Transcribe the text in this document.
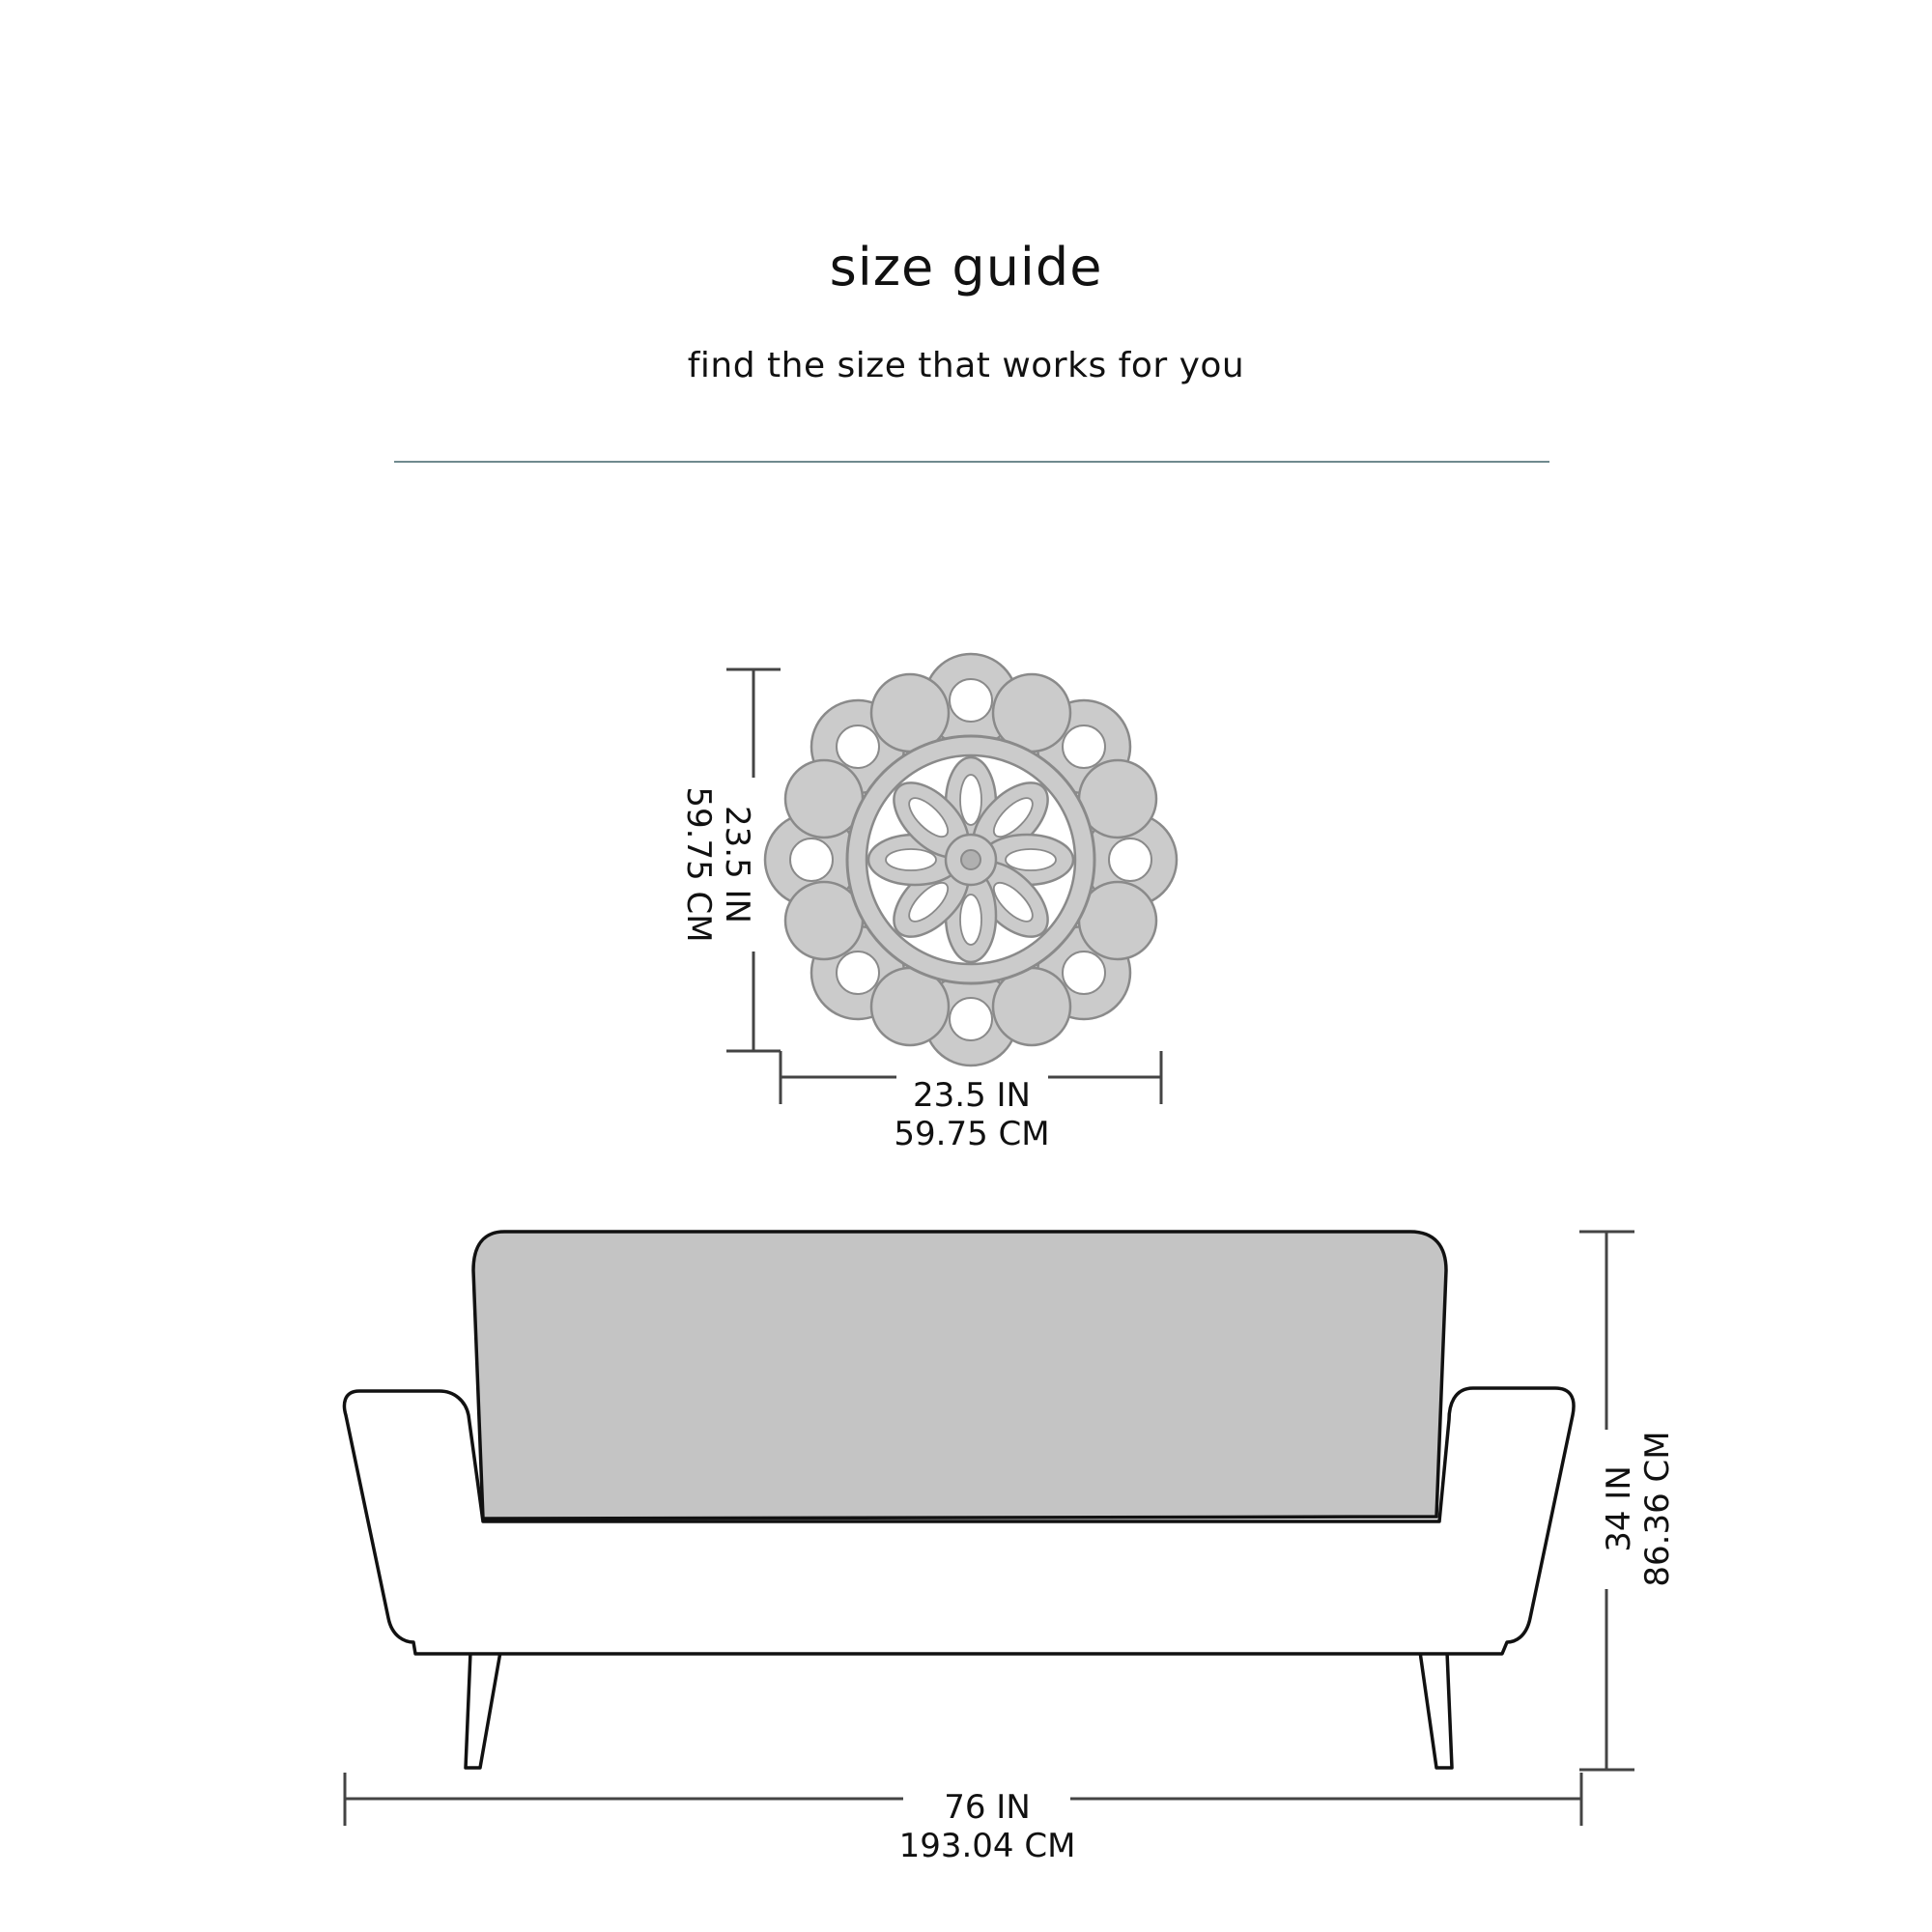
size guide
find the size that works for you
23.5 IN
59.75 CM
23.5 IN
59.75 CM
34 IN 86.36 CM
76 IN
193.04 CM
